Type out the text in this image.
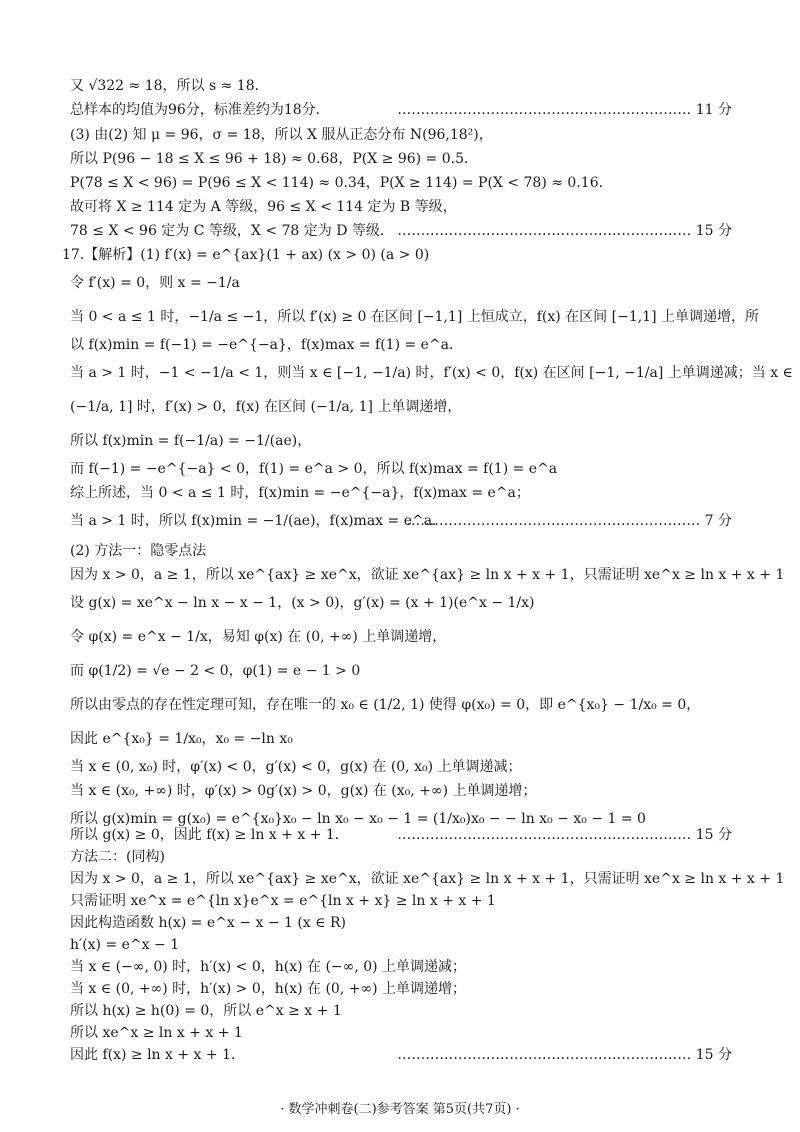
又 √322 ≈ 18，所以 s ≈ 18．
总样本的均值为96分，标准差约为18分．	……………………………………………………… 11 分
(3) 由(2) 知 μ = 96，σ = 18，所以 X 服从正态分布 N(96,18²)，
所以 P(96 − 18 ≤ X ≤ 96 + 18) ≈ 0.68，P(X ≥ 96) = 0.5．
P(78 ≤ X < 96) = P(96 ≤ X < 114) ≈ 0.34，P(X ≥ 114) = P(X < 78) ≈ 0.16．
故可将 X ≥ 114 定为 A 等级，96 ≤ X < 114 定为 B 等级，
78 ≤ X < 96 定为 C 等级，X < 78 定为 D 等级． ……………………………………………………… 15 分
17.【解析】(1) f′(x) = e^{ax}(1 + ax) (x > 0) (a > 0)
令 f′(x) = 0，则 x = −1/a
当 0 < a ≤ 1 时，−1/a ≤ −1，所以 f′(x) ≥ 0 在区间 [−1,1] 上恒成立，f(x) 在区间 [−1,1] 上单调递增，所
以 f(x)min = f(−1) = −e^{−a}，f(x)max = f(1) = e^a．
当 a > 1 时，−1 < −1/a < 1，则当 x ∈ [−1, −1/a) 时，f′(x) < 0，f(x) 在区间 [−1, −1/a] 上单调递减；当 x ∈
(−1/a, 1] 时，f′(x) > 0，f(x) 在区间 (−1/a, 1] 上单调递增，
所以 f(x)min = f(−1/a) = −1/(ae)，
而 f(−1) = −e^{−a} < 0，f(1) = e^a > 0，所以 f(x)max = f(1) = e^a
综上所述，当 0 < a ≤ 1 时，f(x)min = −e^{−a}，f(x)max = e^a；
当 a > 1 时，所以 f(x)min = −1/(ae)，f(x)max = e^a．
……………………………………………………… 7 分
(2) 方法一：隐零点法
因为 x > 0，a ≥ 1，所以 xe^{ax} ≥ xe^x，欲证 xe^{ax} ≥ ln x + x + 1，只需证明 xe^x ≥ ln x + x + 1
设 g(x) = xe^x − ln x − x − 1，(x > 0)，g′(x) = (x + 1)(e^x − 1/x)
令 φ(x) = e^x − 1/x，易知 φ(x) 在 (0, +∞) 上单调递增，
而 φ(1/2) = √e − 2 < 0，φ(1) = e − 1 > 0
所以由零点的存在性定理可知，存在唯一的 x₀ ∈ (1/2, 1) 使得 φ(x₀) = 0，即 e^{x₀} − 1/x₀ = 0，
因此 e^{x₀} = 1/x₀，x₀ = −ln x₀
当 x ∈ (0, x₀) 时，φ′(x) < 0，g′(x) < 0，g(x) 在 (0, x₀) 上单调递减；
当 x ∈ (x₀, +∞) 时，φ′(x) > 0g′(x) > 0，g(x) 在 (x₀, +∞) 上单调递增；
所以 g(x)min = g(x₀) = e^{x₀}x₀ − ln x₀ − x₀ − 1 = (1/x₀)x₀ − − ln x₀ − x₀ − 1 = 0
所以 g(x) ≥ 0，因此 f(x) ≥ ln x + x + 1．	……………………………………………………… 15 分
方法二：(同构)
因为 x > 0，a ≥ 1，所以 xe^{ax} ≥ xe^x，欲证 xe^{ax} ≥ ln x + x + 1，只需证明 xe^x ≥ ln x + x + 1
只需证明 xe^x = e^{ln x}e^x = e^{ln x + x} ≥ ln x + x + 1
因此构造函数 h(x) = e^x − x − 1 (x ∈ R)
h′(x) = e^x − 1
当 x ∈ (−∞, 0) 时，h′(x) < 0，h(x) 在 (−∞, 0) 上单调递减；
当 x ∈ (0, +∞) 时，h′(x) > 0，h(x) 在 (0, +∞) 上单调递增；
所以 h(x) ≥ h(0) = 0，所以 e^x ≥ x + 1
所以 xe^x ≥ ln x + x + 1
因此 f(x) ≥ ln x + x + 1．	……………………………………………………… 15 分
· 数学冲刺卷(二)参考答案 第5页(共7页) ·
